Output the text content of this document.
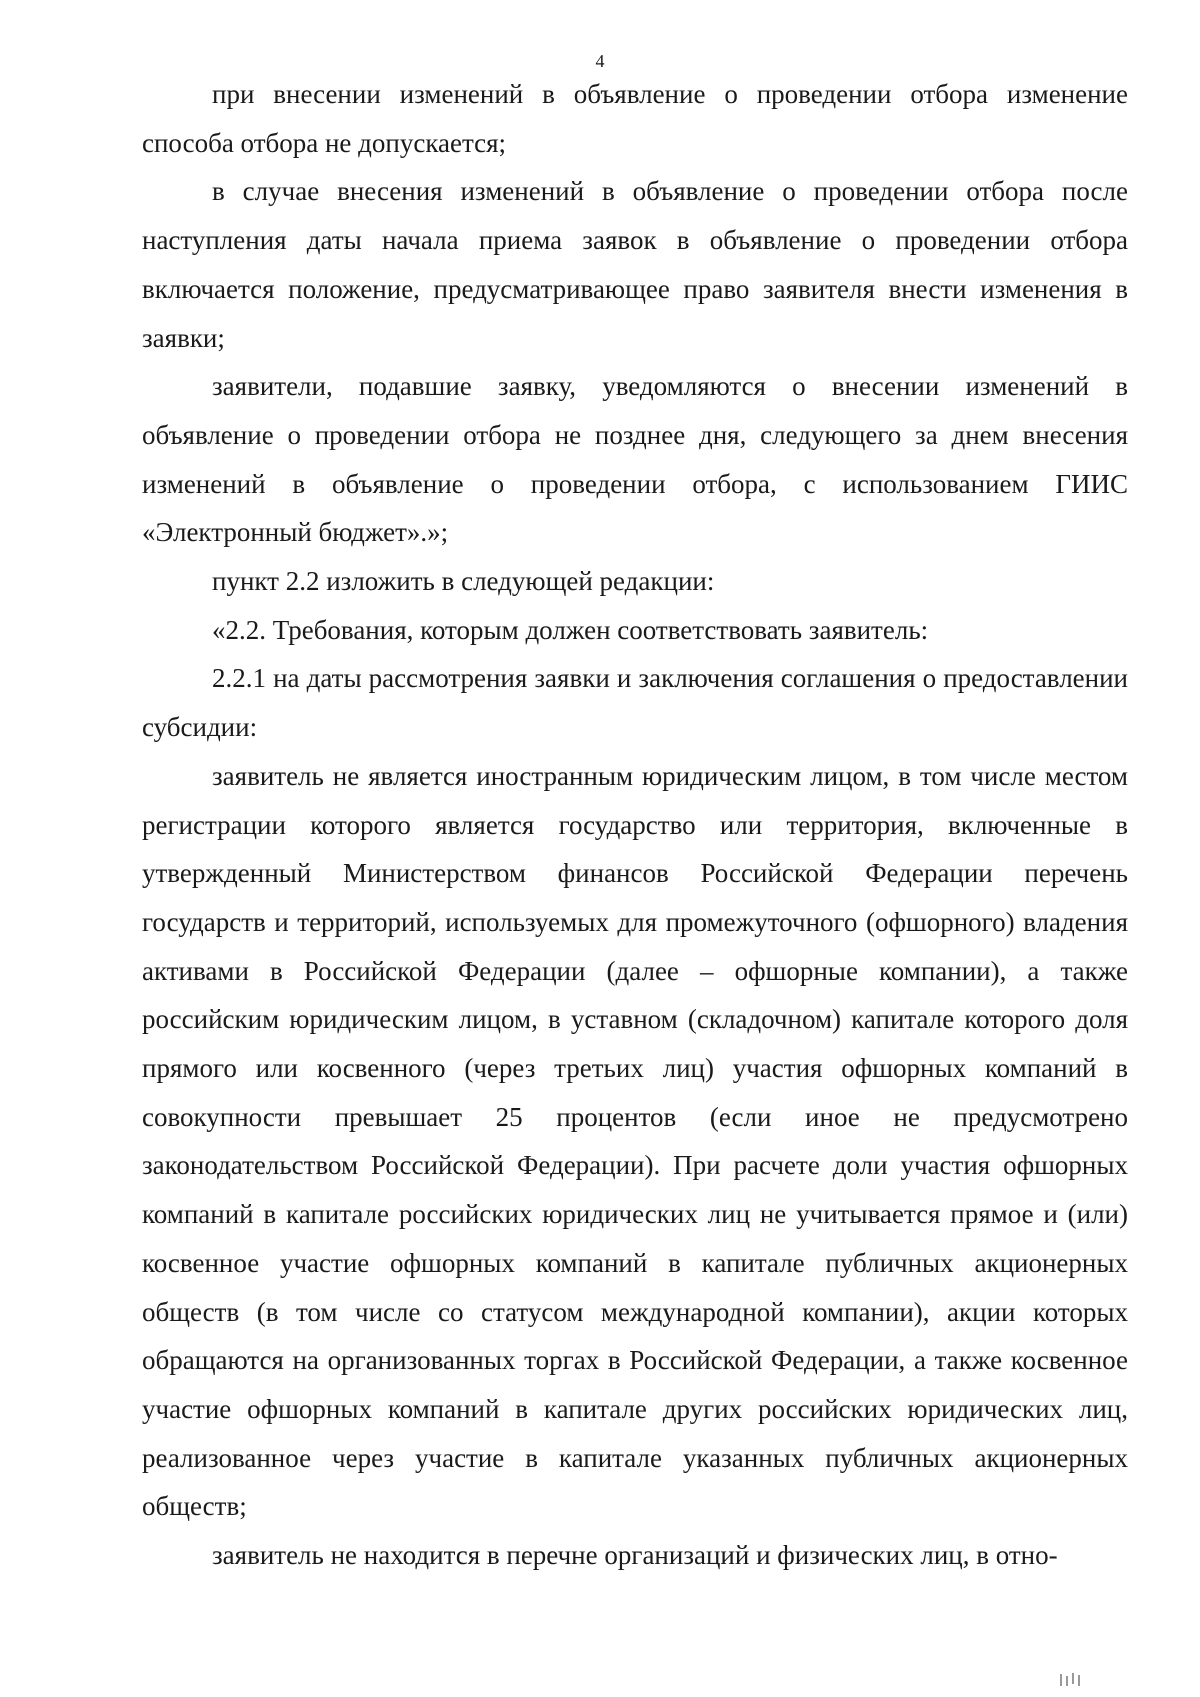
4

при внесении изменений в объявление о проведении отбора изменение способа отбора не допускается;

в случае внесения изменений в объявление о проведении отбора после наступления даты начала приема заявок в объявление о проведении отбора включается положение, предусматривающее право заявителя внести изменения в заявки;

заявители, подавшие заявку, уведомляются о внесении изменений в объявление о проведении отбора не позднее дня, следующего за днем внесения изменений в объявление о проведении отбора, с использованием ГИИС «Электронный бюджет».»;

пункт 2.2 изложить в следующей редакции:

«2.2. Требования, которым должен соответствовать заявитель:

2.2.1 на даты рассмотрения заявки и заключения соглашения о предоставлении субсидии:

заявитель не является иностранным юридическим лицом, в том числе местом регистрации которого является государство или территория, включенные в утвержденный Министерством финансов Российской Федерации перечень государств и территорий, используемых для промежуточного (офшорного) владения активами в Российской Федерации (далее – офшорные компании), а также российским юридическим лицом, в уставном (складочном) капитале которого доля прямого или косвенного (через третьих лиц) участия офшорных компаний в совокупности превышает 25 процентов (если иное не предусмотрено законодательством Российской Федерации). При расчете доли участия офшорных компаний в капитале российских юридических лиц не учитывается прямое и (или) косвенное участие офшорных компаний в капитале публичных акционерных обществ (в том числе со статусом международной компании), акции которых обращаются на организованных торгах в Российской Федерации, а также косвенное участие офшорных компаний в капитале других российских юридических лиц, реализованное через участие в капитале указанных публичных акционерных обществ;

заявитель не находится в перечне организаций и физических лиц, в отно-
